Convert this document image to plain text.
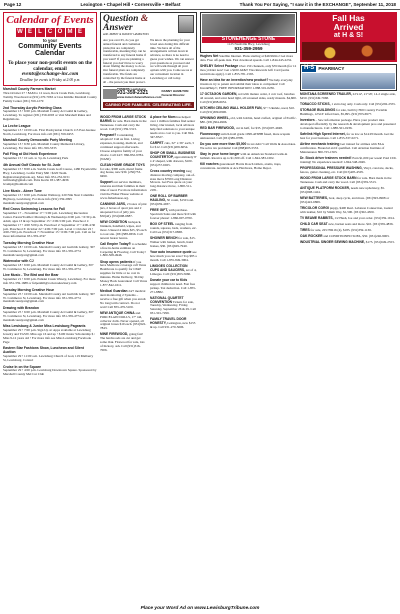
Page 12	Lexington • Chapel Hill • Cornersville • Belfast	Thank You For Saying, "I saw it in the EXCHANGE", September 11, 2018
Calendar of Events
W E	L	C O M E
to your
Community Events Calendar
To place your non-profit events on the calendar, email
events@exchange-inc.com
Deadline for events is Friday at 2:00 p.m.
Marshall County Farmers Market
Thru October 27 • 8AM to 12 noon, Rock Creek Park, Lewisburg. Tommy Woodward at (931) 270-7063 or Lisa Kimble Marshall County Family Center (931) 359-1279
2nd Thursday Acrylic Painting Class
September 13 • 6:00 p.m. Marshall County Art Guild & Gallery, Lewisburg. To register (931) 359-2003 or visit Marshall Rules and Regulations.
La Leche League
September 13 • 10:00 a.m. First Presbyterian Church 115 East Avenue North, Lewisburg. For more info call (931) 359-0455
Marshall County Democratic Party Meeting
September 13 • 6:30 p.m. Marshall County Memorial Library, Lewisburg. For more info 931-359-5335
Fall Fling at Old Honk Experience
September 15 • 10 a.m. to 3 p.m. Lewisburg Park
4th Annual Golf Classic for St. Jude
September 15 • 8:00 a.m. Saddle Creek Golf Course, 1480 Fayetteville Hwy, Lewisburg. Golfer Entry $60 / $220 Team. Registration@stjude.org. More Info 931-252-9151 twilmoth@gmail.com. Pairs Kevin 931-387-4936 bcamp2@hotmail.com
Live Music - Abner Tune
September 15 • 6:00 p.m. Pulaski Walkway, 220 Nile Nest Columbia Highway, Lewisburg. For more info (931) 359-2995 marshallcountyart@gmail.com
Red Cross Swimming Lessons for Fall
September 17 – November 17 • 5:00 p.m. Lewisburg Recreation Center. Parent/Toddler: Mondays & Wednesdays 6:00 p.m. • 6:30 p.m. Adult, ages 13 & up: September 15 • 2:00-5:00 p.m. Preschool 1: September 17 • 4:00 5:00 p.m. Preschool 2: September 17 • 4:00-4:30 p.m. Preschool 3: October 22 • 4:00-7:00 p.m. Level 1: October 22 • 4:00-7:00 p.m. Preschool 7: November 15 • 6:00-7:00 p.m. Call us for more information 931-359-4747
Tuesday Morning Creative Hour
September 18 • 10:00 a.m. Marshall County Art Guild & Gallery, 307 W. Commerce St, Lewisburg. For more info 931-359-4774 marshallcountyart@gmail.com
Watercolor with CJ
September 18 • 6:00 p.m. Marshall County Art Guild & Gallery, 307 W. Commerce St, Lewisburg. For more info 931-359-4774
Live Music - The Bird and the Bear
September 21 • 6:00 p.m. Pulaski Creek Winery, Lewisburg. For more info 931-359-1688 or fulpenhill@rockcreekwinery.com
Tuesday Morning Creative Hour
September 25 • 10:00 a.m. Marshall County Art Guild & Gallery, 307 W. Commerce St, Lewisburg. For more info 931-359-4774 marshallcountyart@gmail.com
Drawing with Brandon
September 25 • 6:00 p.m. Marshall County Art Guild & Gallery, 307 W. Commerce St, Lewisburg. For more info 931-359-4774 or marshallcountyart@gmail.com
Miss Lewisburg & Junior Miss Lewisburg Pageants
September 29 • 7:00 p.m. Sign Up at: Apps available at Lewisburg Jewelry and TGSW. Miss age 16 and up • $100 Junior Scholarship $ / Miss 9-12 years old • For more info see Miss Lewisburg Facebook Page
Eastern Star Fashions Show, Luncheon and Silent Auction
September 29 • 11:00 a.m. Lewisburg Church of God, 119 Mulberry St, Lewisburg. Contact
Cruise In on the Square
September 29 • 4:00 p.m. Lewisburg Downtown Square. Sponsored by Marshall County Mel Car Club
Question &
Answer
with JIMMY & DANNY HAMILTON
Are you over 65, do you get annual funeral and cremation plans that are completely transferable, meaning they can be transferred to any funeral home if you want? If you are planning a funeral you don't have to worry about finding the money to do so. Our funeral plans are completely transferable. The funds are controlled by the funeral home at all – the person you must protect. We know the planning for your loved ones during this difficult time. We have all of the arrangements written down in advance, so there is no need to guess your wishes. We can answer your questions as you need and we will walk through all your options with you. Come see us at our convenient location in Lewisburg or call today.
TOMERS Lewisburg
931-359-2321
www.tomersfuneralhomes.com
DANNY HAMILTON Funeral Director
CARING FOR FAMILIES. CELEBRATING LIFE.
WOOD FROM LARGE STOCK BARNS for sale. Barn made in the Tennessee. Cash and carry the wood. Call (931) 359-5313.
Pregnant? Considering adoption? Call us first. Living expenses, housing, medical, and continued support afterwards. Choose adoptive family of your choice. Call 24/7. 866-832-9784. (NANI)
CLEAN HOME GRADE TOYS for sale, $300 each, metal frame dog house, new $30. (256)753-9490.
Support our service members, veterans and their families in their time of need. For more information visit the Fisher House website at www.fisherhouse.org.
CANNING JARS, 2 boxes of pint jars, 2 boxes of quart jars and 2 unopened box of jelly jars. $50(all). (931)698-6887.
NEW CONDITION backpack, blankets, handheld, wipes, and more. Unused 4 times $25, $5 each to tour site. (931)588-9656. Call newest bearer leaves.
Call Empire Today® to schedule a free in-home estimate on Carpeting & Flooring. Call Today! 1-800-508-4946.
Shop opens patients If you have Medicare coverage call Verus Healthcare to qualify for CPAP supplies for little or no cost in minutes. Home Delivery, 30-Day Money Back Guarantee! Call Verus 1-877-842-1611.
Medical Guardian 24/7 medical alert monitoring 2 Systems – receive a free gift when you enroll. No long term contract. Do not wait! Call 855-479-5100.
NEW ANTIQUE CHINA and PORCELAIN DOLLS, 17" tall, collector dolls. Never opened, all original boxes $10 each. (931)922-7843.
MINE FIREWOOD, going fast! The hardwoods are cut and get some Oak. Firewood for sale, lots of hickory, ash. Call (931)316-7006.
A place for Mom has helped over 1 million families find senior living. Our trusted, local advisors help find solutions to your unique needs at no cost to you. Call 844-347-8527.
CARPET cuts, 32" x 36" each, 5 for $12. Call (931)209-6654.
SHOP OR SMALL BUSINESS COUNTERTOP, approximately 8' x 4' shaped, with drawers, $100. (931)257-6025.
Cross country moving long distance moving company, out-of-state move $799 Long Distance Movers. Get Free quote on your long distance move, 1-800-511-2181.
ONE ROLL OF BARBER HAULING, 50 count, $150 total. (931)639-4937.
FREE GIFT, with purchase. Spectrum Sales and more $10 with forever phone! 1-866-607-0700.
BOX OF STEEL ranging from rounds, squares, beds, washers, etc. Call Lee (931)317-6868.
SHOWER BENCH for sale, $15. Walker with basket, bench, hand brakes, $30. (931)629-7940.
Your auto insurance quote see how much you can save! Top $85 a month. Call 1-855-849-3004.
LIMOGES COLLECTION CUPS AND SAUCERS, set of 4, Limoges. Call: (931)363-5660.
Donate your car to Kids support children in need. Fast free pickup. Tax deduction. Call 1-855-271-8882.
NATIONAL QUARTET CONVENTION Tickets for sale, Tuesday, Wednesday, Friday, Saturday, September 26 & 29. Call 931-301-7299.
FAMILY TRAVEL DOOR HONESTY, Lexington, new $155 & up. Call 931-270-5606.
STONEHENGE STONE
1125 Nashville Hwy, Lewisburg
931-359-2959
Hughes Net Satellite Internet. Plans starting at $49.99/mo! Get more data. Free off-peak data. Fast download speeds. Call 1-844-245-2232.
SHELBY Select Package Over 150 channels, only $35/month (for 12 mos.) Order now! Get a $100 AT&T Visa Rewards Gift Card (some restrictions apply). Call 1-855-781-1565.
Have an idea for an invention/new product? We help everyday inventors try to patent and submit their ideas to companies! Call InventHelp®, FREE INFORMATION! 1-888-501-0236.
17 OCTAGON GARDEN, red with mature cedar, 2 coir roof, benches all around, and solar head light, all screened sides, ready mounts. $4,600. Call (931)698-6652.
KITCHEN CEILING WALL HOLDER FAN, $7 • Ukulele, used, $10. Call (931)309-0900.
SPINNING WHEEL, old, with bobbin, hand crafted, original of Pacific. $80. (931)364-4966.
RED BAR FIREWOOD, cut in half, for $35. (931)607-4948.
Fluoroscopy switch-hold grade 1098-AT6HB fused, mare scapula unmounted. Call (931)389-9788.
Do you owe more than $5,000 in tax debt? Call Wells & Associates. We solve tax problems! Call (888)603-5553.
Stay in your home longer with an American Standard walk-in bathtub. Receive up to $1,500 off. Call 1-844-383-1002.
Kill roaches guaranteed! Harris Roach tablets, atoms, traps, concentrate. Available at Ace Hardware, Home Depot.
Fall Has
Arrived
at H & S!
H-S PHARMACY
MONTANA SCREENED TRAILER, 22'x12', 21"x8', 14-2 single axle, $450. (931)349-7668.
TOBACCO STICKS, 1 extra bag only. Cash only. Call (931)292-2555.
STORAGE BUILDINGS for sale, built by Hill Country Portable Buildings, 12'x16' lofted barn, $5,995. (931)703-6977.
Investors – Saw information package. Have your product idea developed affordably by the research & development pros and presented to manufacturers. Call 1-888-501-0236.
Safelink High Speed Internet, for as low as $14.95/month. Get the best for your business. Call 1-855-337-0271.
Airline mechanic training Get trained for airlines with FAA certification. Financial aid if qualified. Call Aviation Institute of Maintenance 800-725-1563.
Dr. Stock driver trainees needed! Earn $1,000 per week! Paid CDL training! No experience needed! 1-844-548-2049.
PROFESSIONAL PRESSURE WASHING, Vinyl, concrete, decks, fences, gutter cleaning, etc. Call (615)405-4505.
WOOD FROM LARGE STOCK BARN for sale. Barn made in the Tennessee. Cash and carry the wood. Call (931)359-5313.
ANTIQUE PLATFORM ROCKER, needs new upholstery, $5. (931)698-1424.
NEW BATTERIES, boat, deep cycle, and more. (931)393-0968 or (931)422-6869.
TRICOLOR CORGI puppy, $400 Real. Lebanon Connection, loaded with leather, $10 by Smith Way, $1,500. (931)302-4300.
TV BEAME RABBITS, 1/2 Hush, Joe and your order. (931)359-1914.
CHILD CAR SEAT new, bucket seats and more. $10. (931)359-4836.
TIRES for sale, 225/70R16 (4), $185. (931)359-1136.
OAK ROCKER and CONDITIONED SOFA, $50. (931)246-9063.
INDUSTRIAL SINGER SEWING MACHINE, $175. (931)649-2553.
Place your Word Ad on www.LewisburgTribune.com
